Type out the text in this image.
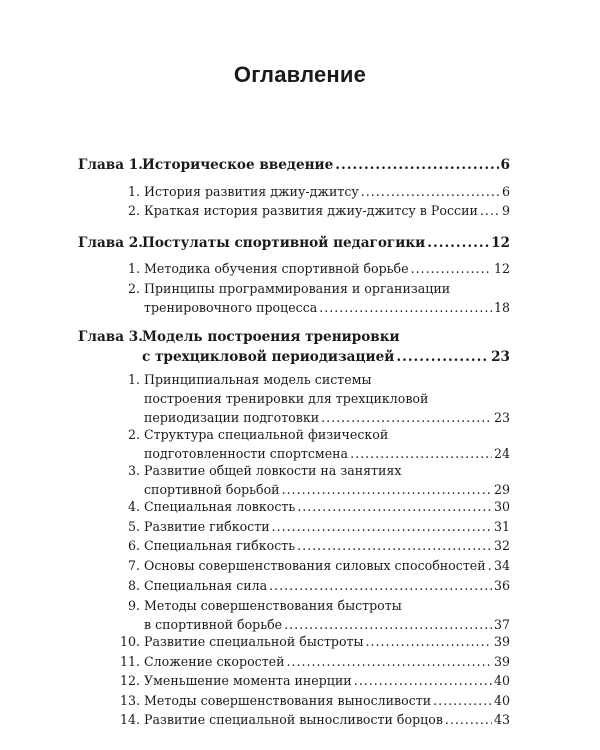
Оглавление
Глава 1. Историческое введение .....	6
1. История развития джиу-джитсу .....	6
2. Краткая история развития джиу-джитсу в России ..... 9
Глава 2. Постулаты спортивной педагогики .....	12
1. Методика обучения спортивной борьбе .....	12
2. Принципы программирования и организации
тренировочного процесса .....	18
Глава 3. Модель построения тренировки
с трехцикловой периодизацией .....	23
1. Принципиальная модель системы
построения тренировки для трехцикловой
периодизации подготовки .....	23
2. Структура специальной физической
подготовленности спортсмена .....	24
3. Развитие общей ловкости на занятиях
спортивной борьбой .....	29
4. Специальная ловкость .....	30
5. Развитие гибкости .....	31
6. Специальная гибкость .....	32
7. Основы совершенствования силовых способностей ..... 34
8. Специальная сила .....	36
9. Методы совершенствования быстроты
в спортивной борьбе .....	37
10. Развитие специальной быстроты .....	39
11. Сложение скоростей .....	39
12. Уменьшение момента инерции .....	40
13. Методы совершенствования выносливости .....	40
14. Развитие специальной выносливости борцов .....	43
